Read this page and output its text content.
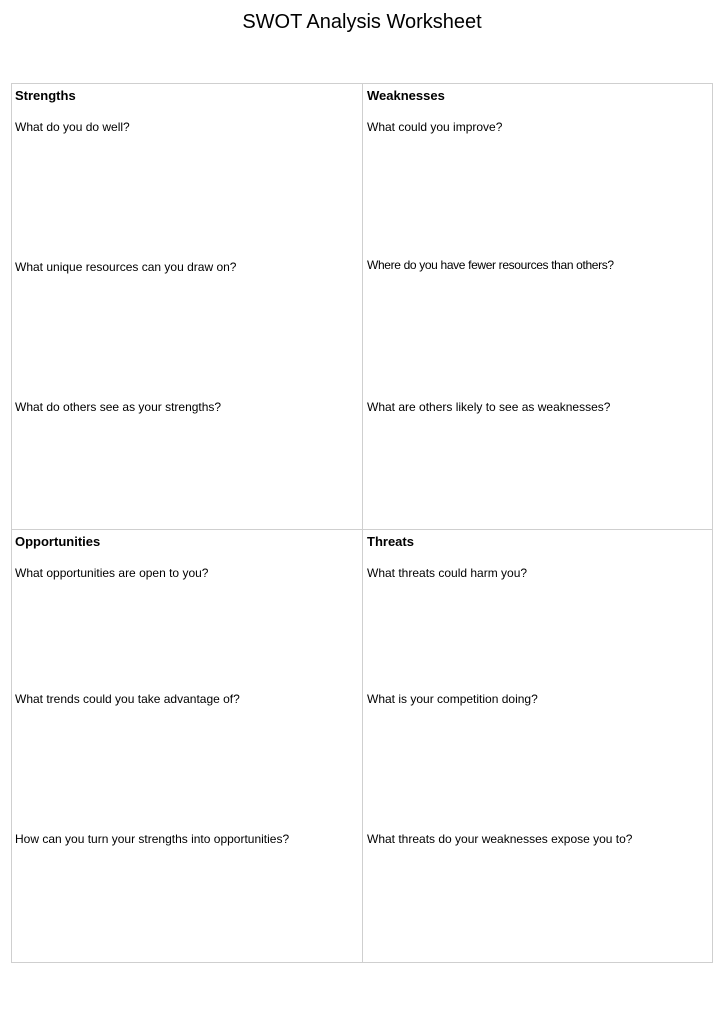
SWOT Analysis Worksheet
Strengths
What do you do well?
What unique resources can you draw on?
What do others see as your strengths?
Weaknesses
What could you improve?
Where do you have fewer resources than others?
What are others likely to see as weaknesses?
Opportunities
What opportunities are open to you?
What trends could you take advantage of?
How can you turn your strengths into opportunities?
Threats
What threats could harm you?
What is your competition doing?
What threats do your weaknesses expose you to?
